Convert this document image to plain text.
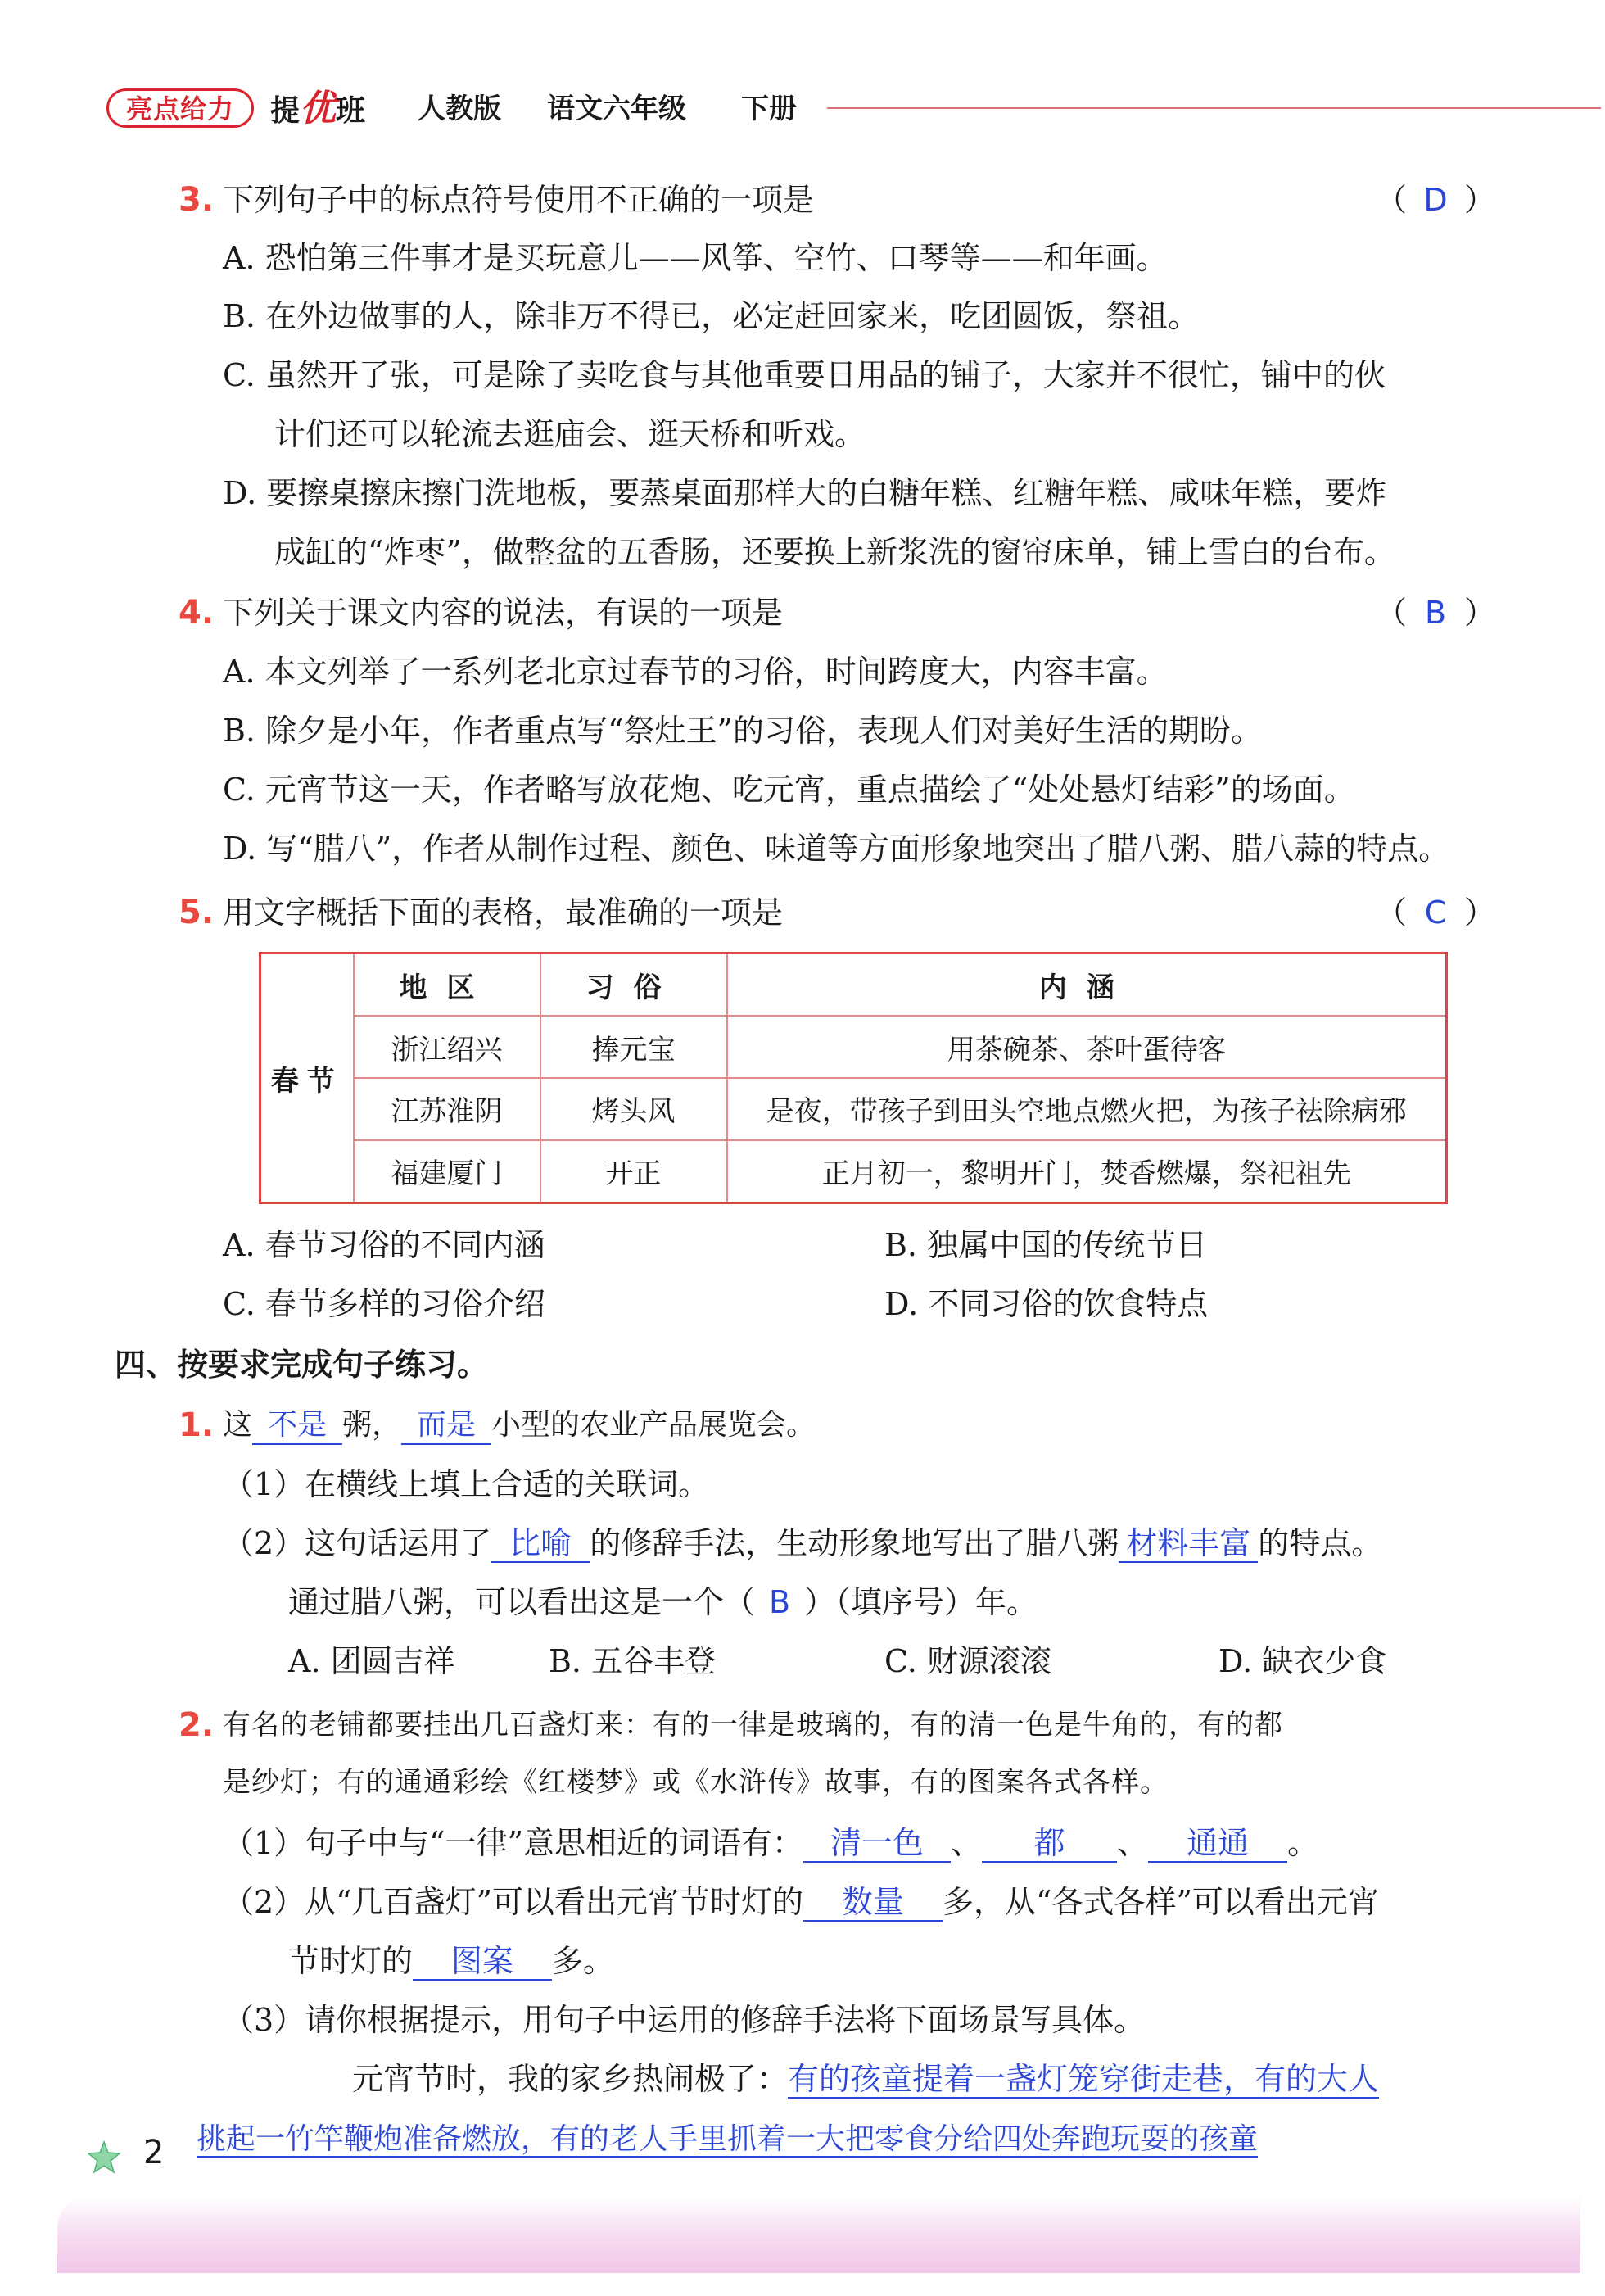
亮点给力	提优班 人教版 语文六年级 下册
3. 下列句子中的标点符号使用不正确的一项是	（ D ）
A. 恐怕第三件事才是买玩意儿——风筝、空竹、口琴等——和年画。
B. 在外边做事的人，除非万不得已，必定赶回家来，吃团圆饭，祭祖。
C. 虽然开了张，可是除了卖吃食与其他重要日用品的铺子，大家并不很忙，铺中的伙
计们还可以轮流去逛庙会、逛天桥和听戏。
D. 要擦桌擦床擦门洗地板，要蒸桌面那样大的白糖年糕、红糖年糕、咸味年糕，要炸
成缸的“炸枣”，做整盆的五香肠，还要换上新浆洗的窗帘床单，铺上雪白的台布。
4. 下列关于课文内容的说法，有误的一项是	（ B ）
A. 本文列举了一系列老北京过春节的习俗，时间跨度大，内容丰富。
B. 除夕是小年，作者重点写“祭灶王”的习俗，表现人们对美好生活的期盼。
C. 元宵节这一天，作者略写放花炮、吃元宵，重点描绘了“处处悬灯结彩”的场面。
D. 写“腊八”，作者从制作过程、颜色、味道等方面形象地突出了腊八粥、腊八蒜的特点。
5. 用文字概括下面的表格，最准确的一项是	（ C ）
春节	地区	习俗	内涵
	浙江绍兴	捧元宝	用茶碗茶、茶叶蛋待客
	江苏淮阴	烤头风	是夜，带孩子到田头空地点燃火把，为孩子祛除病邪
	福建厦门	开正	正月初一，黎明开门，焚香燃爆，祭祀祖先
A. 春节习俗的不同内涵	B. 独属中国的传统节日
C. 春节多样的习俗介绍	D. 不同习俗的饮食特点
四、按要求完成句子练习。
1. 这 不是 粥， 而是 小型的农业产品展览会。
（1）在横线上填上合适的关联词。
（2）这句话运用了 比喻 的修辞手法，生动形象地写出了腊八粥 材料丰富 的特点。
通过腊八粥，可以看出这是一个（ B ）（填序号）年。
A. 团圆吉祥	B. 五谷丰登	C. 财源滚滚	D. 缺衣少食
2. 有名的老铺都要挂出几百盏灯来：有的一律是玻璃的，有的清一色是牛角的，有的都
是纱灯；有的通通彩绘《红楼梦》或《水浒传》故事，有的图案各式各样。
（1）句子中与“一律”意思相近的词语有： 清一色 、 都 、 通通 。
（2）从“几百盏灯”可以看出元宵节时灯的 数量 多，从“各式各样”可以看出元宵
节时灯的 图案 多。
（3）请你根据提示，用句子中运用的修辞手法将下面场景写具体。
元宵节时，我的家乡热闹极了：有的孩童提着一盏灯笼穿街走巷，有的大人
挑起一竹竿鞭炮准备燃放，有的老人手里抓着一大把零食分给四处奔跑玩耍的孩童
2
